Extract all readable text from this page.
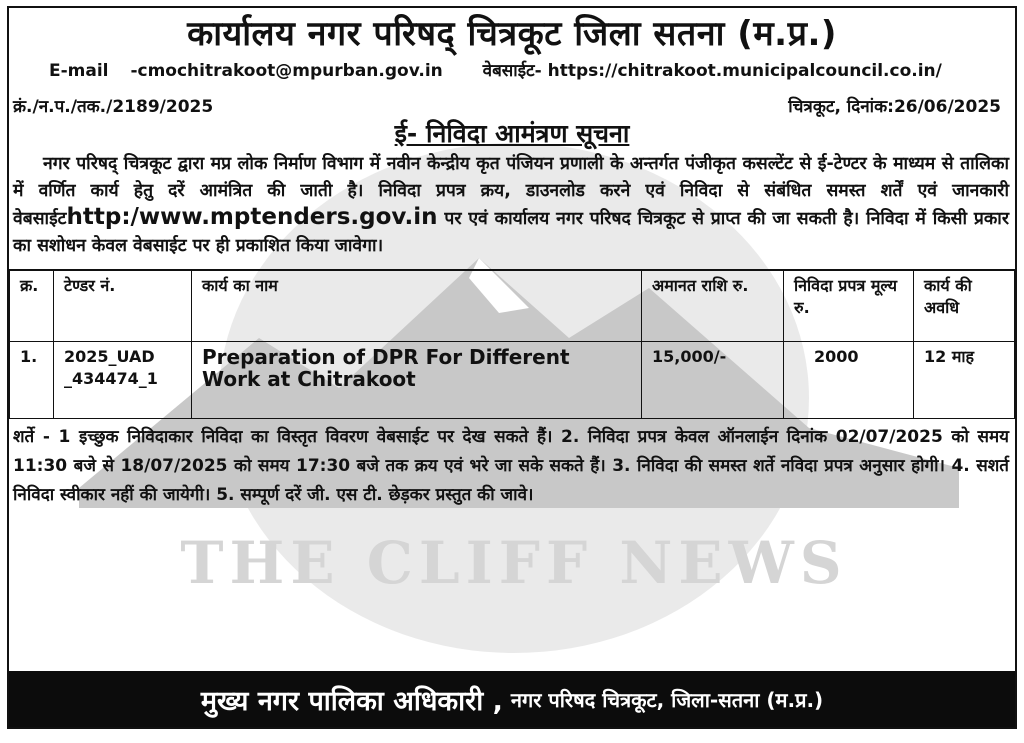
THE CLIFF NEWS
कार्यालय नगर परिषद् चित्रकूट जिला सतना (म.प्र.)
E-mail -cmochitrakoot@mpurban.gov.in वेबसाईट- https://chitrakoot.municipalcouncil.co.in/
क्रं./न.प./तक./2189/2025	चित्रकूट, दिनांक:26/06/2025
ई- निविदा आमंत्रण सूचना
नगर परिषद् चित्रकूट द्वारा मप्र लोक निर्माण विभाग में नवीन केन्द्रीय कृत पंजियन प्रणाली के अन्तर्गत पंजीकृत कसल्टेंट से ई-टेण्टर के माध्यम से तालिका में वर्णित कार्य हेतु दरें आमंत्रित की जाती है। निविदा प्रपत्र क्रय, डाउनलोड करने एवं निविदा से संबंधित समस्त शर्तें एवं जानकारी वेबसाईटhttp:/www.mptenders.gov.in पर एवं कार्यालय नगर परिषद चित्रकूट से प्राप्त की जा सकती है। निविदा में किसी प्रकार का सशोधन केवल वेबसाईट पर ही प्रकाशित किया जावेगा।
क्र.	टेण्डर नं.	कार्य का नाम	अमानत राशि रु.	निविदा प्रपत्र मूल्य रु.	कार्य की अवधि
1.	2025_UAD _434474_1	Preparation of DPR For Different Work at Chitrakoot	15,000/-	2000	12 माह
शर्ते - 1 इच्छुक निविदाकार निविदा का विस्तृत विवरण वेबसाईट पर देख सकते हैं। 2. निविदा प्रपत्र केवल ऑनलाईन दिनांक 02/07/2025 को समय 11:30 बजे से 18/07/2025 को समय 17:30 बजे तक क्रय एवं भरे जा सके सकते हैं। 3. निविदा की समस्त शर्ते नविदा प्रपत्र अनुसार होगी। 4. सशर्त निविदा स्वीकार नहीं की जायेगी। 5. सम्पूर्ण दरें जी. एस टी. छेड़कर प्रस्तुत की जावे।
मुख्य नगर पालिका अधिकारी , नगर परिषद चित्रकूट, जिला-सतना (म.प्र.)
